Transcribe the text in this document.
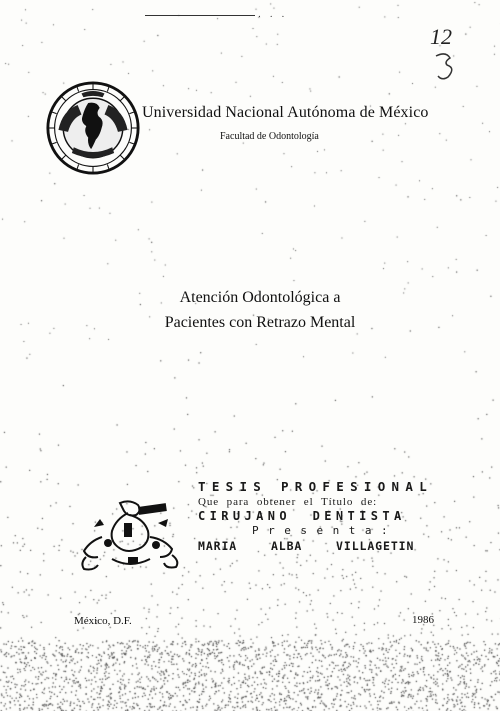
. . .
12
Universidad Nacional Autónoma de México
Facultad de Odontología
Atención Odontológica a
Pacientes con Retrazo Mental
TESIS PROFESIONAL
Que para obtener el Título de:
CIRUJANO DENTISTA
Presenta:
MARIA ALBA VILLAGETIN
México, D.F.	1986
